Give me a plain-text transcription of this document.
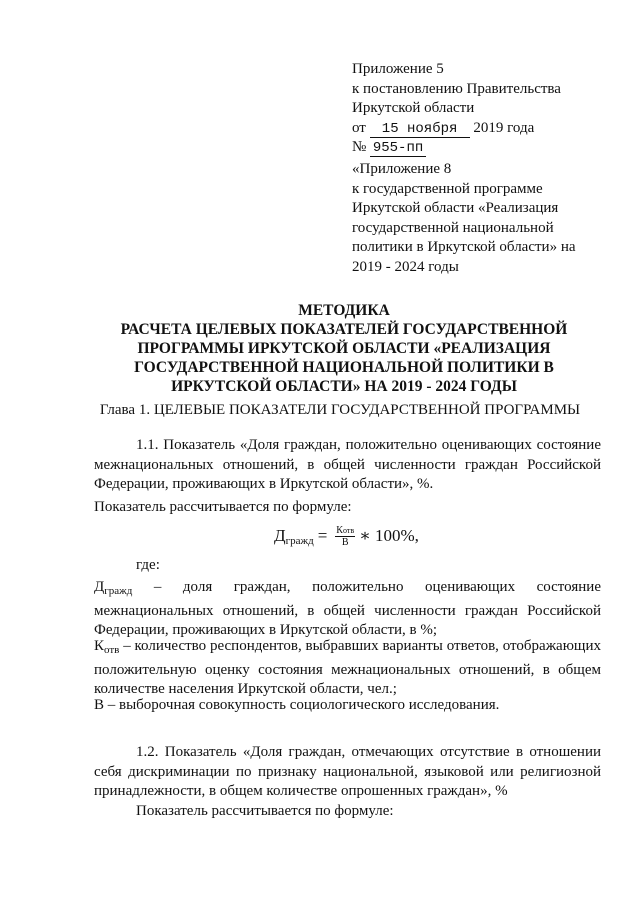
Приложение 5
к постановлению Правительства
Иркутской области
от 15 ноября 2019 года
№ 955-пп
«Приложение 8
к государственной программе
Иркутской области «Реализация
государственной национальной
политики в Иркутской области» на
2019 - 2024 годы
МЕТОДИКА
РАСЧЕТА ЦЕЛЕВЫХ ПОКАЗАТЕЛЕЙ ГОСУДАРСТВЕННОЙ
ПРОГРАММЫ ИРКУТСКОЙ ОБЛАСТИ «РЕАЛИЗАЦИЯ
ГОСУДАРСТВЕННОЙ НАЦИОНАЛЬНОЙ ПОЛИТИКИ В
ИРКУТСКОЙ ОБЛАСТИ» НА 2019 - 2024 ГОДЫ
Глава 1. ЦЕЛЕВЫЕ ПОКАЗАТЕЛИ ГОСУДАРСТВЕННОЙ ПРОГРАММЫ
1.1. Показатель «Доля граждан, положительно оценивающих состояние межнациональных отношений, в общей численности граждан Российской Федерации, проживающих в Иркутской области», %.
Показатель рассчитывается по формуле:
$Д_{гражд} = \frac{\text{Котв}}{В}$ ∗ 100%,
где:
$Д_{гражд}$ – доля граждан, положительно оценивающих состояние межнациональных отношений, в общей численности граждан Российской Федерации, проживающих в Иркутской области, в %;
$К_{отв}$ – количество респондентов, выбравших варианты ответов, отображающих положительную оценку состояния межнациональных отношений, в общем количестве населения Иркутской области, чел.;
В – выборочная совокупность социологического исследования.
1.2. Показатель «Доля граждан, отмечающих отсутствие в отношении себя дискриминации по признаку национальной, языковой или религиозной принадлежности, в общем количестве опрошенных граждан», %
Показатель рассчитывается по формуле:
